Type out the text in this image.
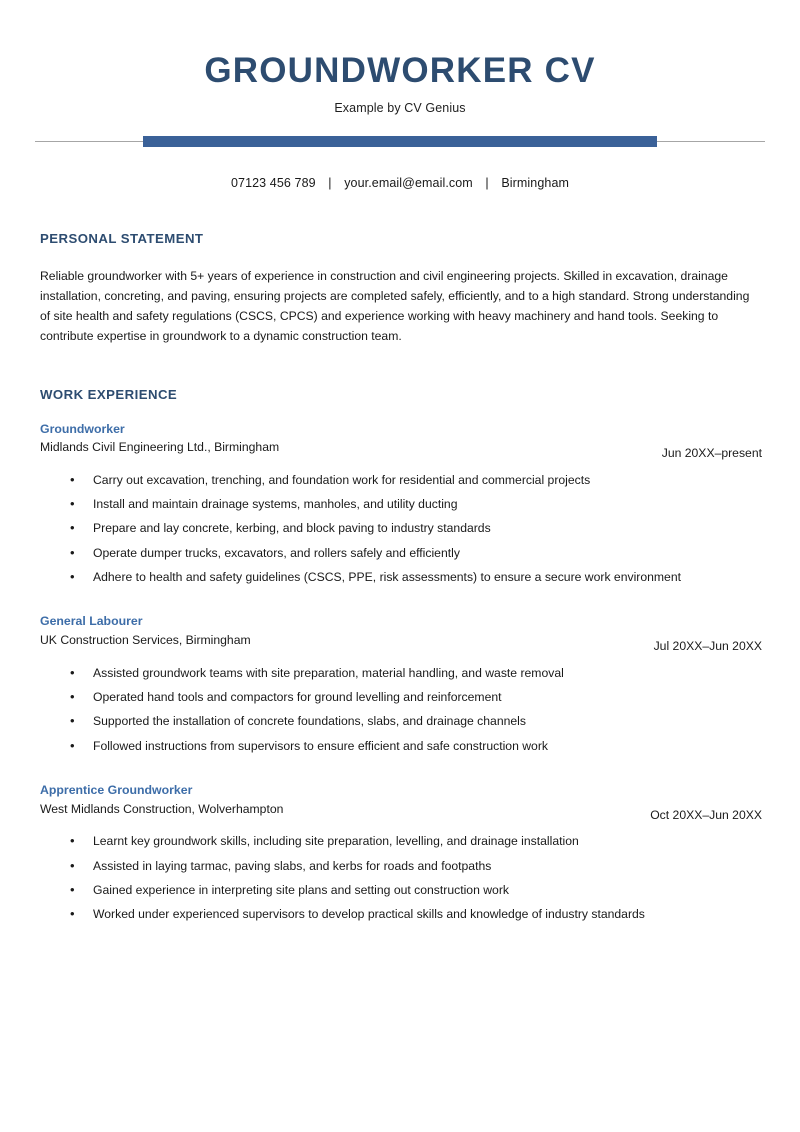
GROUNDWORKER CV
Example by CV Genius
07123 456 789 | your.email@email.com | Birmingham
PERSONAL STATEMENT

Reliable groundworker with 5+ years of experience in construction and civil engineering projects. Skilled in excavation, drainage installation, concreting, and paving, ensuring projects are completed safely, efficiently, and to a high standard. Strong understanding of site health and safety regulations (CSCS, CPCS) and experience working with heavy machinery and hand tools. Seeking to contribute expertise in groundwork to a dynamic construction team.

WORK EXPERIENCE
Groundworker
Midlands Civil Engineering Ltd., Birmingham	Jun 20XX–present
• Carry out excavation, trenching, and foundation work for residential and commercial projects
• Install and maintain drainage systems, manholes, and utility ducting
• Prepare and lay concrete, kerbing, and block paving to industry standards
• Operate dumper trucks, excavators, and rollers safely and efficiently
• Adhere to health and safety guidelines (CSCS, PPE, risk assessments) to ensure a secure work environment
General Labourer
UK Construction Services, Birmingham	Jul 20XX–Jun 20XX
• Assisted groundwork teams with site preparation, material handling, and waste removal
• Operated hand tools and compactors for ground levelling and reinforcement
• Supported the installation of concrete foundations, slabs, and drainage channels
• Followed instructions from supervisors to ensure efficient and safe construction work
Apprentice Groundworker
West Midlands Construction, Wolverhampton	Oct 20XX–Jun 20XX
• Learnt key groundwork skills, including site preparation, levelling, and drainage installation
• Assisted in laying tarmac, paving slabs, and kerbs for roads and footpaths
• Gained experience in interpreting site plans and setting out construction work
• Worked under experienced supervisors to develop practical skills and knowledge of industry standards
